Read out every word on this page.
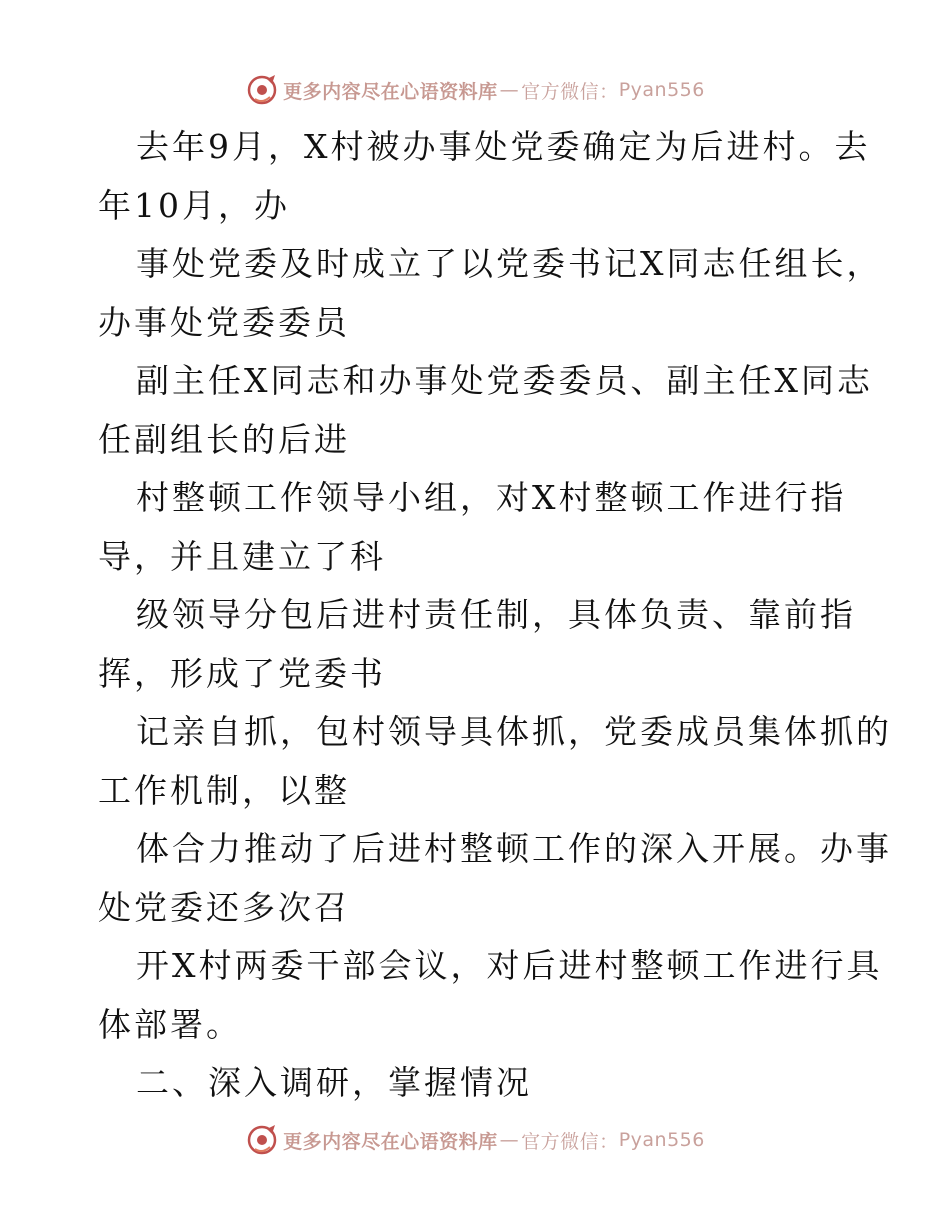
更多内容尽在心语资料库 — 官方微信： Pyan556
去年9月，X村被办事处党委确定为后进村。去
年10月，办
事处党委及时成立了以党委书记X同志任组长，
办事处党委委员
副主任X同志和办事处党委委员、副主任X同志
任副组长的后进
村整顿工作领导小组，对X村整顿工作进行指
导，并且建立了科
级领导分包后进村责任制，具体负责、靠前指
挥，形成了党委书
记亲自抓，包村领导具体抓，党委成员集体抓的
工作机制，以整
体合力推动了后进村整顿工作的深入开展。办事
处党委还多次召
开X村两委干部会议，对后进村整顿工作进行具
体部署。
二、深入调研，掌握情况
更多内容尽在心语资料库 — 官方微信： Pyan556
